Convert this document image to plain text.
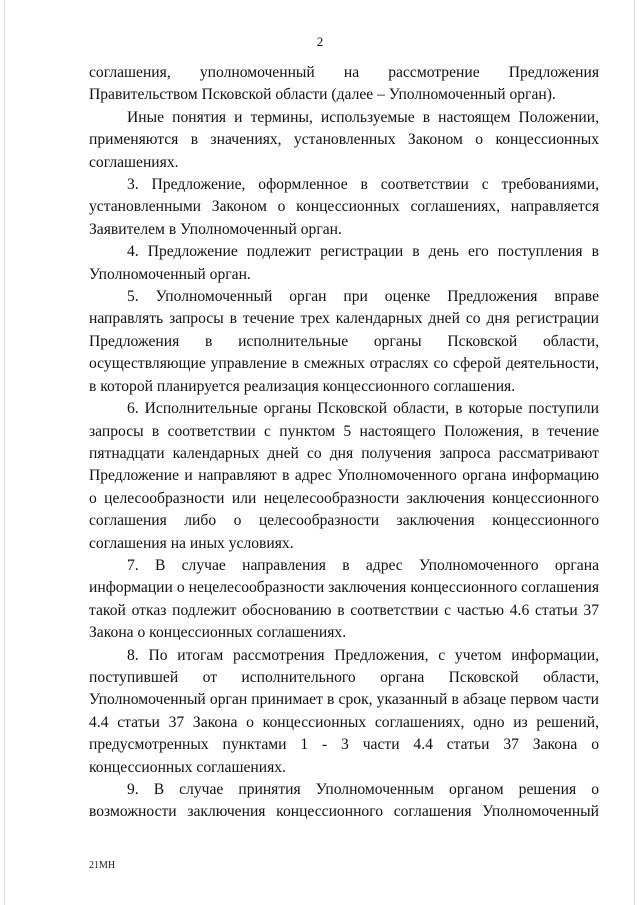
2

соглашения, уполномоченный на рассмотрение Предложения Правительством Псковской области (далее – Уполномоченный орган).

Иные понятия и термины, используемые в настоящем Положении, применяются в значениях, установленных Законом о концессионных соглашениях.

3. Предложение, оформленное в соответствии с требованиями, установленными Законом о концессионных соглашениях, направляется Заявителем в Уполномоченный орган.

4. Предложение подлежит регистрации в день его поступления в Уполномоченный орган.

5. Уполномоченный орган при оценке Предложения вправе направлять запросы в течение трех календарных дней со дня регистрации Предложения в исполнительные органы Псковской области, осуществляющие управление в смежных отраслях со сферой деятельности, в которой планируется реализация концессионного соглашения.

6. Исполнительные органы Псковской области, в которые поступили запросы в соответствии с пунктом 5 настоящего Положения, в течение пятнадцати календарных дней со дня получения запроса рассматривают Предложение и направляют в адрес Уполномоченного органа информацию о целесообразности или нецелесообразности заключения концессионного соглашения либо о целесообразности заключения концессионного соглашения на иных условиях.

7. В случае направления в адрес Уполномоченного органа информации о нецелесообразности заключения концессионного соглашения такой отказ подлежит обоснованию в соответствии с частью 4.6 статьи 37 Закона о концессионных соглашениях.

8. По итогам рассмотрения Предложения, с учетом информации, поступившей от исполнительного органа Псковской области, Уполномоченный орган принимает в срок, указанный в абзаце первом части 4.4 статьи 37 Закона о концессионных соглашениях, одно из решений, предусмотренных пунктами 1 - 3 части 4.4 статьи 37 Закона о концессионных соглашениях.

9. В случае принятия Уполномоченным органом решения о возможности заключения концессионного соглашения Уполномоченный

21МН
